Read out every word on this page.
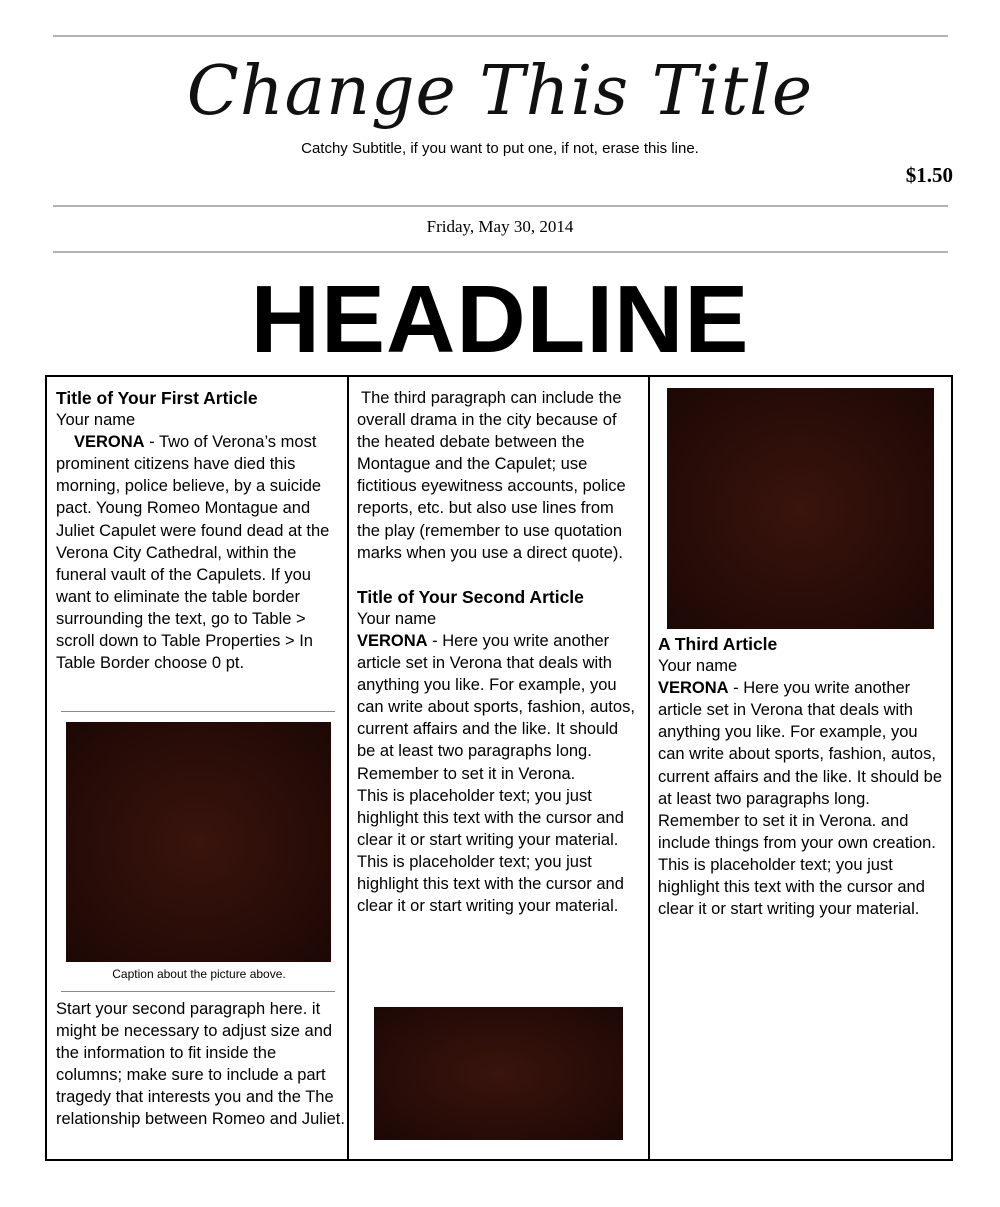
Change This Title
Catchy Subtitle, if you want to put one, if not, erase this line.
$1.50
Friday, May 30, 2014
HEADLINE
Title of Your First Article
Your name
VERONA - Two of Verona’s most prominent citizens have died this morning, police believe, by a suicide pact. Young Romeo Montague and Juliet Capulet were found dead at the Verona City Cathedral, within the funeral vault of the Capulets. If you want to eliminate the table border surrounding the text, go to Table > scroll down to Table Properties > In Table Border choose 0 pt.
Caption about the picture above.
Start your second paragraph here. it might be necessary to adjust size and the information to fit inside the columns; make sure to include a part tragedy that interests you and the The relationship between Romeo and Juliet.
The third paragraph can include the overall drama in the city because of the heated debate between the Montague and the Capulet; use fictitious eyewitness accounts, police reports, etc. but also use lines from the play (remember to use quotation marks when you use a direct quote).
Title of Your Second Article
Your name
VERONA - Here you write another article set in Verona that deals with anything you like. For example, you can write about sports, fashion, autos, current affairs and the like. It should be at least two paragraphs long. Remember to set it in Verona.
This is placeholder text; you just highlight this text with the cursor and clear it or start writing your material.
This is placeholder text; you just highlight this text with the cursor and clear it or start writing your material.
A Third Article
Your name
VERONA - Here you write another article set in Verona that deals with anything you like. For example, you can write about sports, fashion, autos, current affairs and the like. It should be at least two paragraphs long. Remember to set it in Verona. and include things from your own creation.
This is placeholder text; you just highlight this text with the cursor and clear it or start writing your material.
